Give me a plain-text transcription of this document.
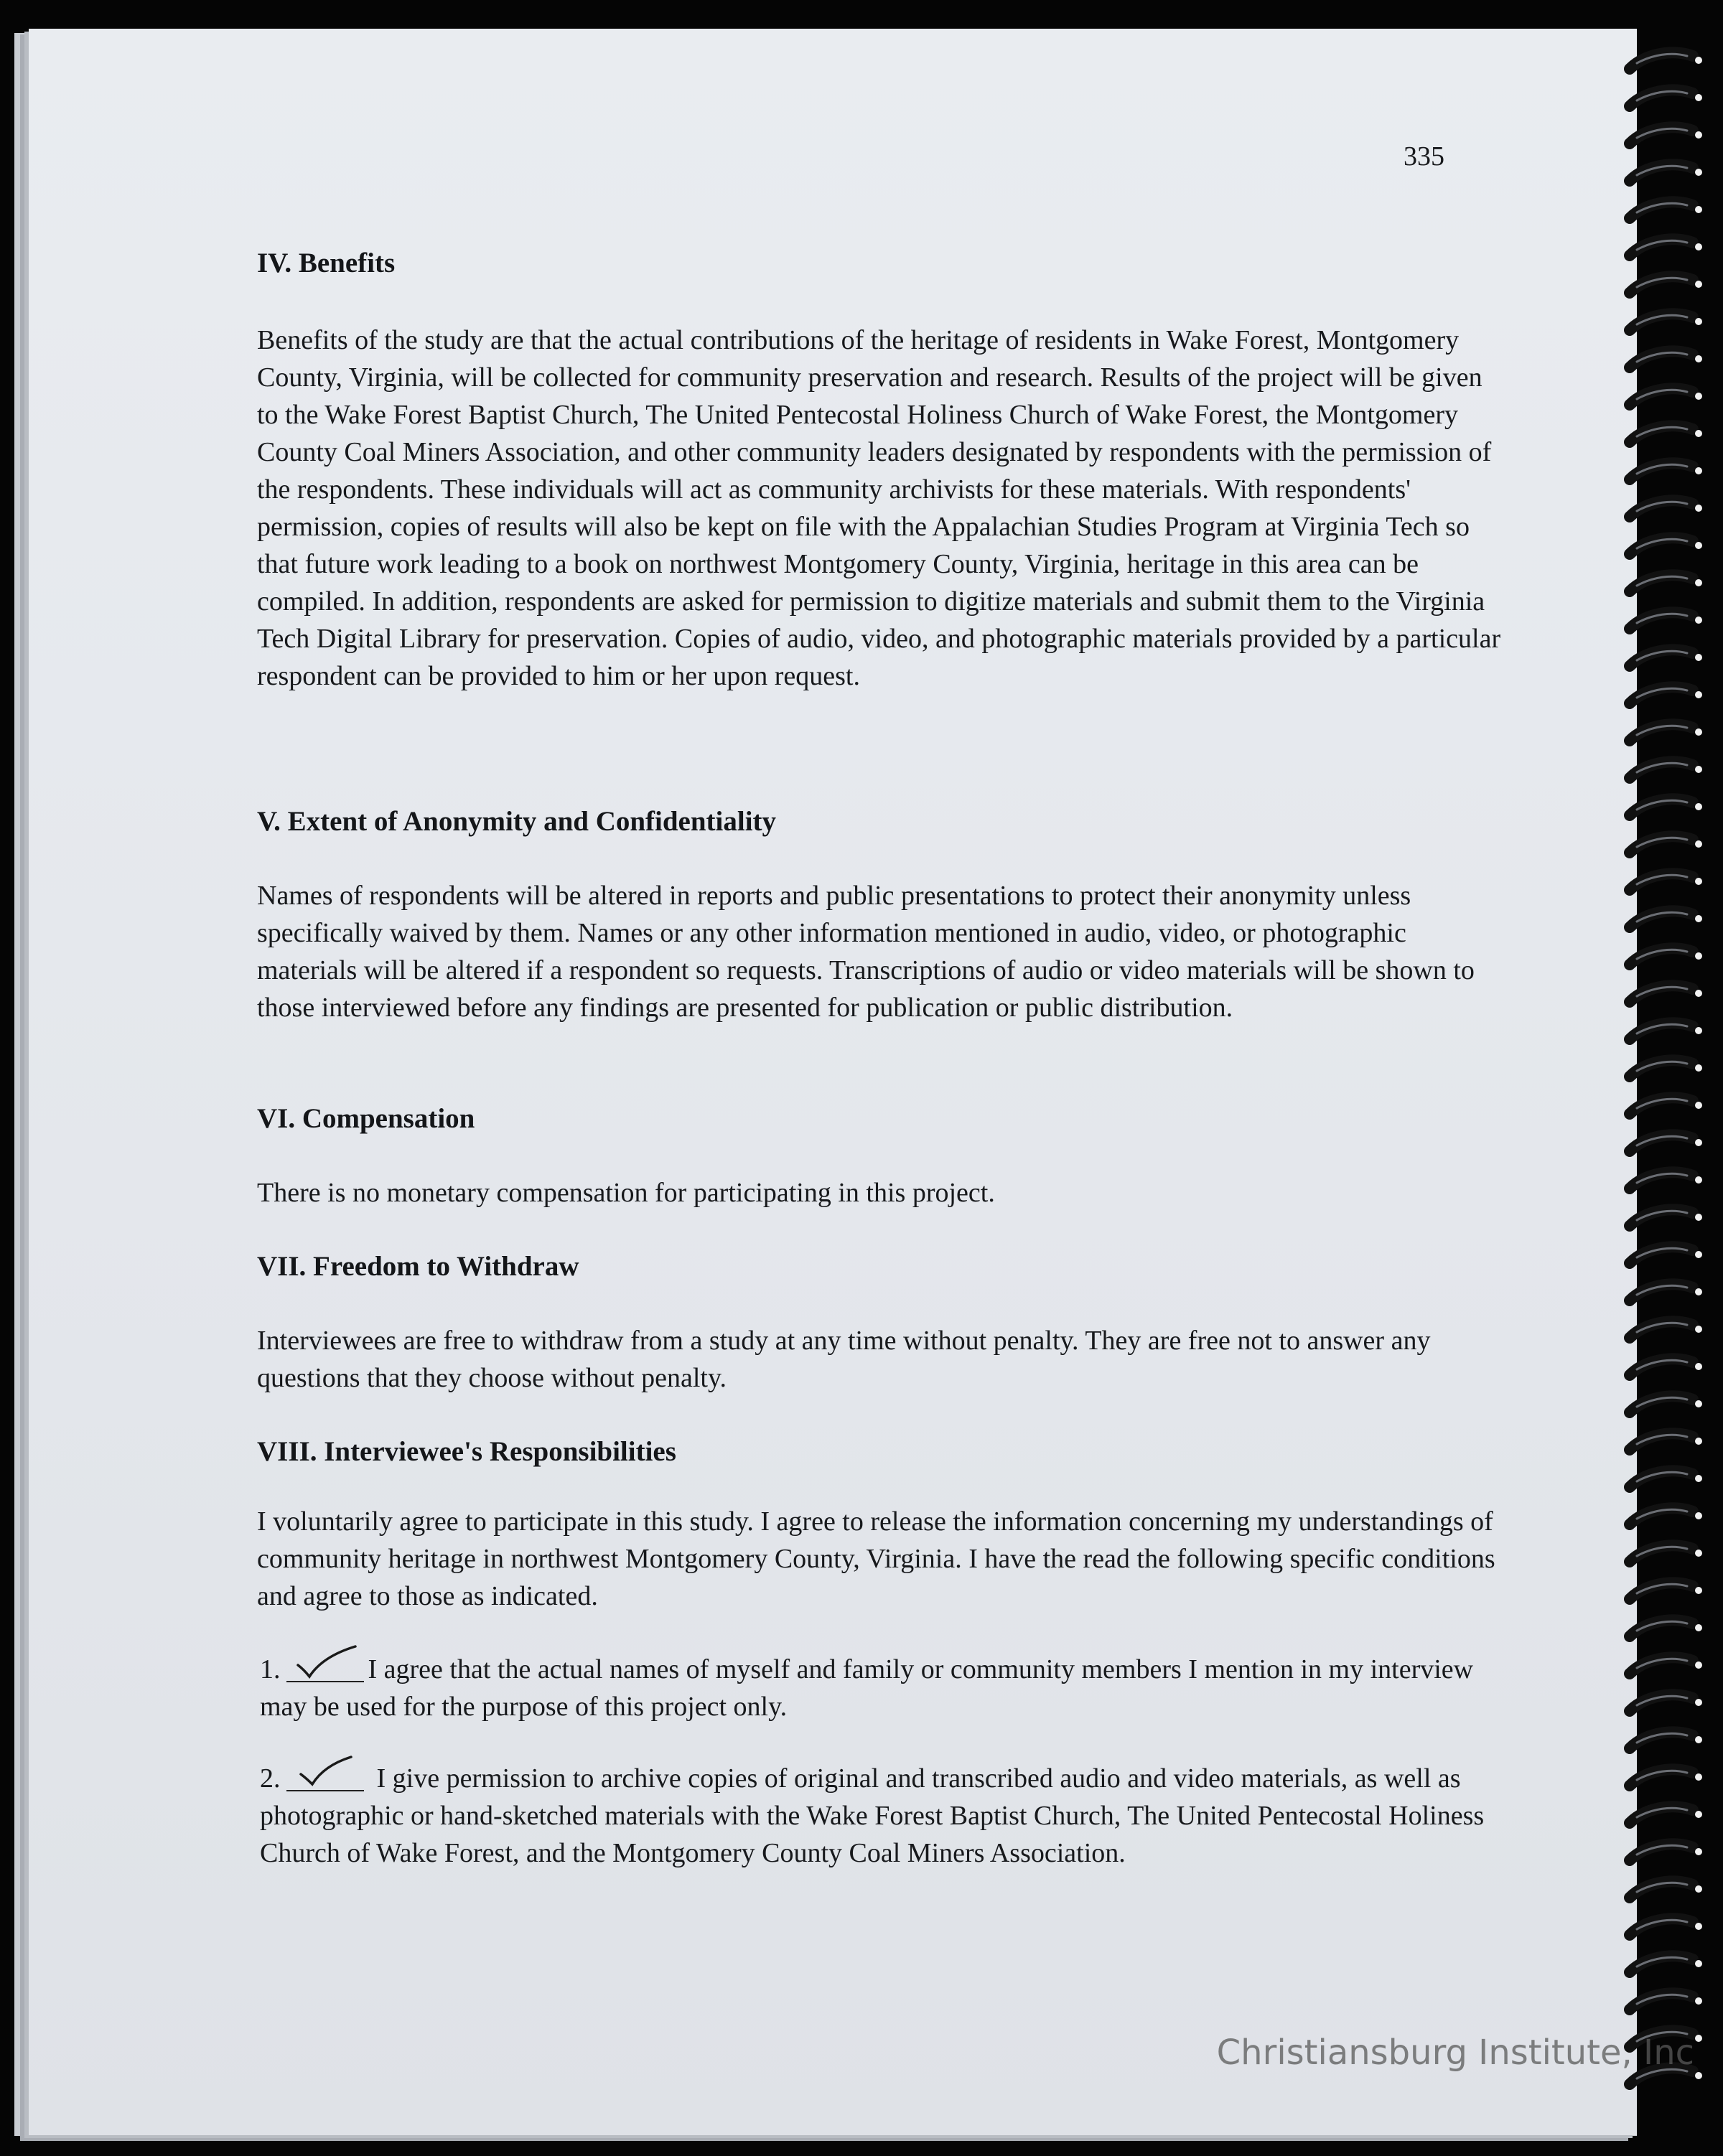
335
IV. Benefits
Benefits of the study are that the actual contributions of the heritage of residents in Wake Forest, Montgomery County, Virginia, will be collected for community preservation and research. Results of the project will be given to the Wake Forest Baptist Church, The United Pentecostal Holiness Church of Wake Forest, the Montgomery County Coal Miners Association, and other community leaders designated by respondents with the permission of the respondents. These individuals will act as community archivists for these materials. With respondents' permission, copies of results will also be kept on file with the Appalachian Studies Program at Virginia Tech so that future work leading to a book on northwest Montgomery County, Virginia, heritage in this area can be compiled. In addition, respondents are asked for permission to digitize materials and submit them to the Virginia Tech Digital Library for preservation. Copies of audio, video, and photographic materials provided by a particular respondent can be provided to him or her upon request.
V. Extent of Anonymity and Confidentiality
Names of respondents will be altered in reports and public presentations to protect their anonymity unless specifically waived by them. Names or any other information mentioned in audio, video, or photographic materials will be altered if a respondent so requests. Transcriptions of audio or video materials will be shown to those interviewed before any findings are presented for publication or public distribution.
VI. Compensation
There is no monetary compensation for participating in this project.
VII. Freedom to Withdraw
Interviewees are free to withdraw from a study at any time without penalty. They are free not to answer any questions that they choose without penalty.
VIII. Interviewee's Responsibilities
I voluntarily agree to participate in this study. I agree to release the information concerning my understandings of community heritage in northwest Montgomery County, Virginia. I have the read the following specific conditions and agree to those as indicated.
1.	I agree that the actual names of myself and family or community members I mention in my interview may be used for the purpose of this project only.
2.	I give permission to archive copies of original and transcribed audio and video materials, as well as photographic or hand-sketched materials with the Wake Forest Baptist Church, The United Pentecostal Holiness Church of Wake Forest, and the Montgomery County Coal Miners Association.
Christiansburg Institute, Inc
